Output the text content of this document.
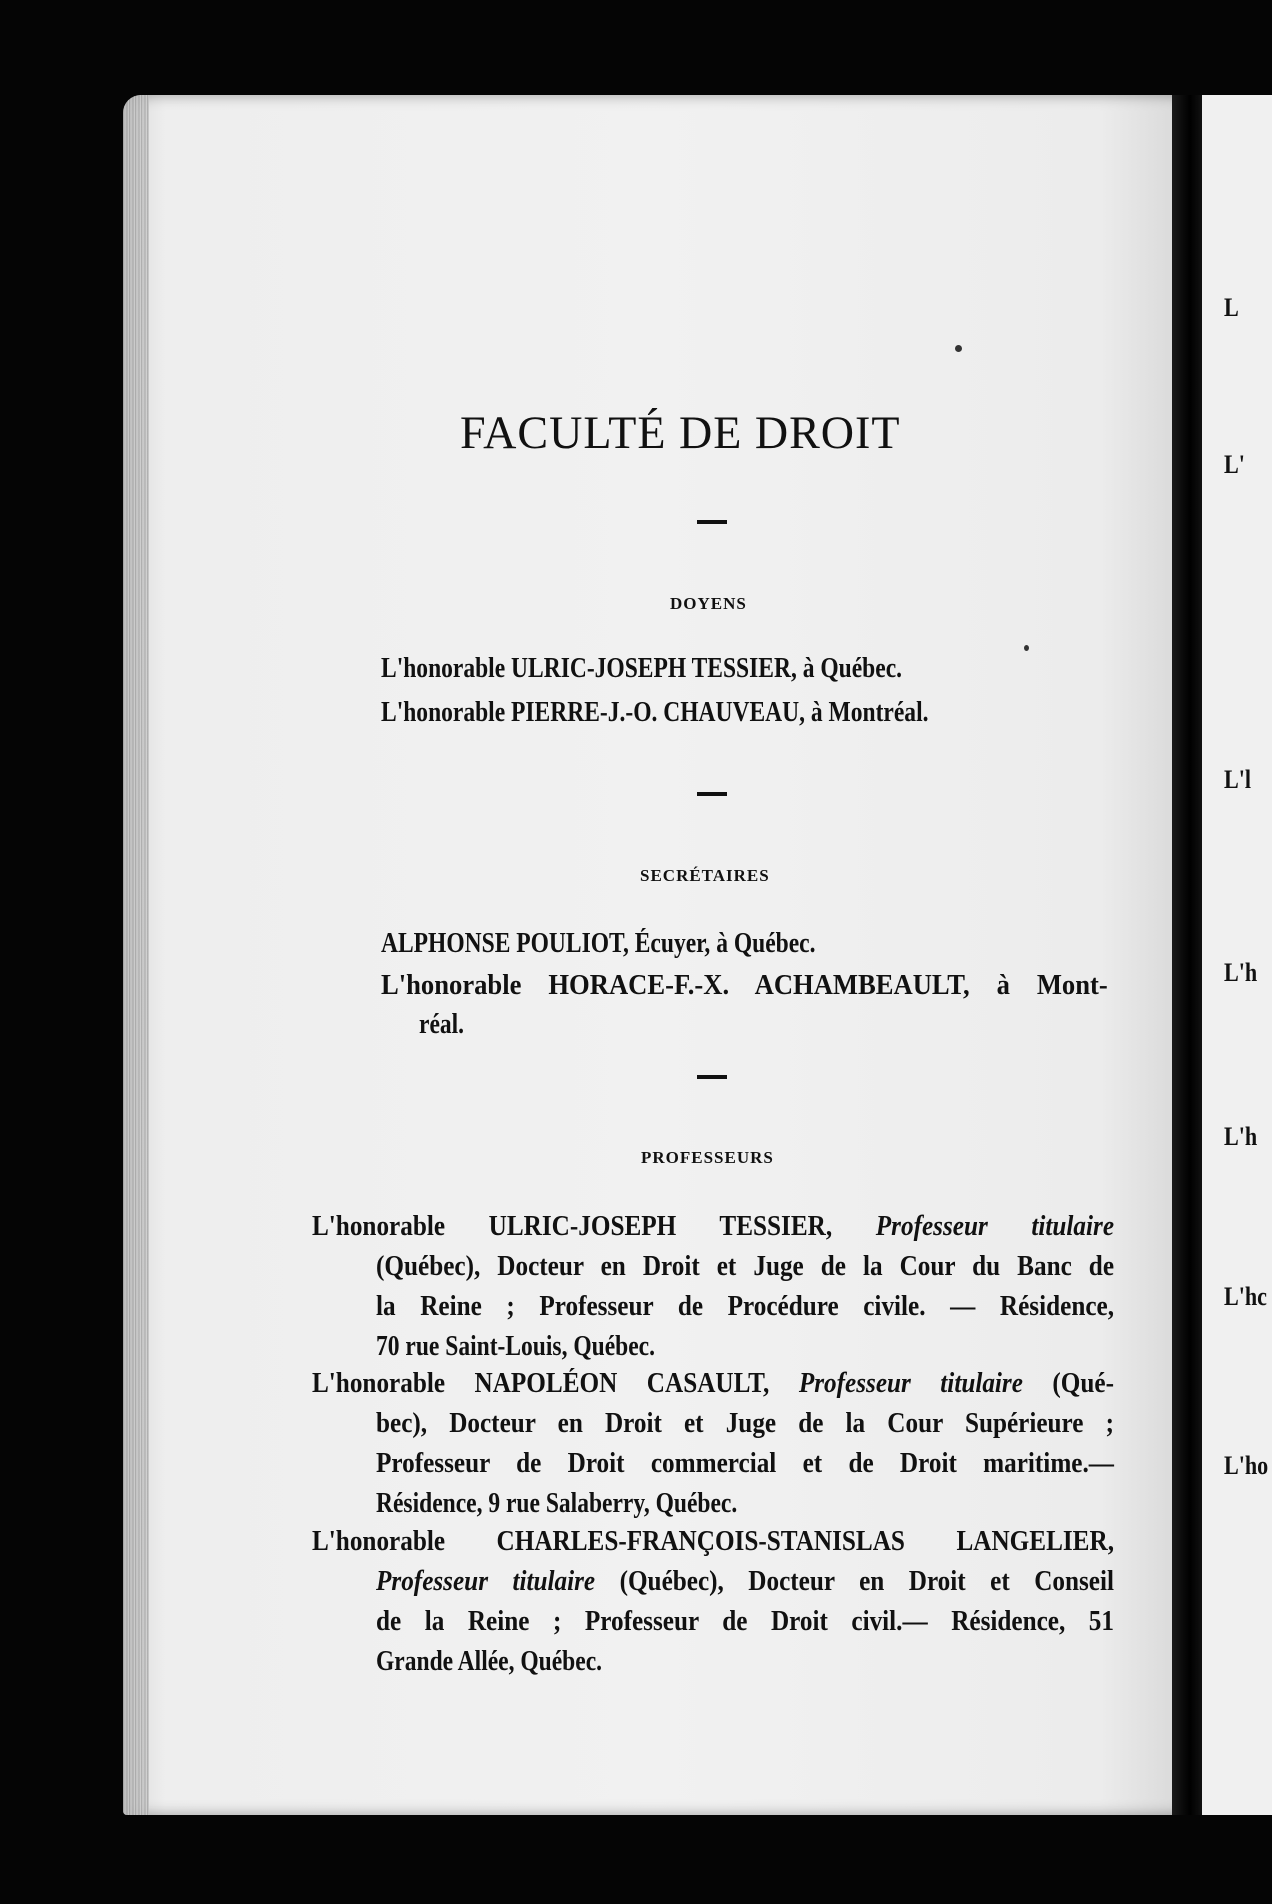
L
L'
L'l
L'h
L'h
L'hc
L'ho
FACULTÉ DE DROIT
DOYENS
L'honorable ULRIC-JOSEPH TESSIER, à Québec.
L'honorable PIERRE-J.-O. CHAUVEAU, à Montréal.
SECRÉTAIRES
ALPHONSE POULIOT, Écuyer, à Québec.
L'honorable HORACE-F.-X. ACHAMBEAULT, à Mont-
réal.
PROFESSEURS
L'honorable ULRIC-JOSEPH TESSIER, Professeur titulaire
(Québec), Docteur en Droit et Juge de la Cour du Banc de
la Reine ; Professeur de Procédure civile. — Résidence,
70 rue Saint-Louis, Québec.
L'honorable NAPOLÉON CASAULT, Professeur titulaire (Qué-
bec), Docteur en Droit et Juge de la Cour Supérieure ;
Professeur de Droit commercial et de Droit maritime.—
Résidence, 9 rue Salaberry, Québec.
L'honorable CHARLES-FRANÇOIS-STANISLAS LANGELIER,
Professeur titulaire (Québec), Docteur en Droit et Conseil
de la Reine ; Professeur de Droit civil.— Résidence, 51
Grande Allée, Québec.
